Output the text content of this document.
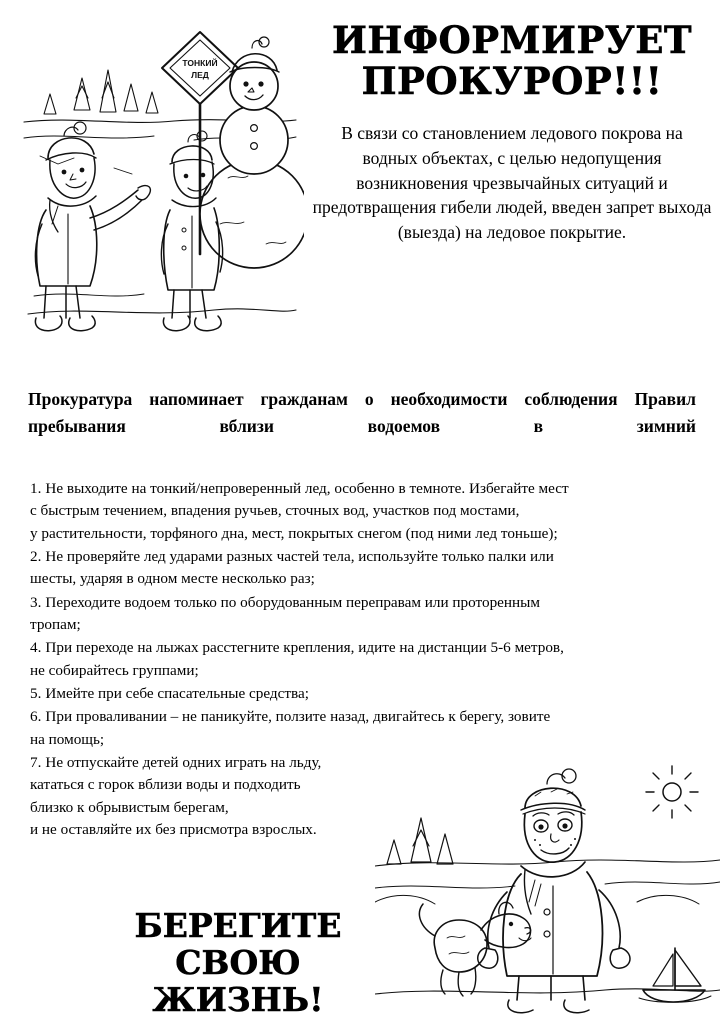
ТОНКИЙ
ЛЕД
ИНФОРМИРУЕТ
ПРОКУРОР!!!

В связи со становлением ледового покрова на водных объектах, с целью недопущения возникновения чрезвычайных ситуаций и предотвращения гибели людей, введен запрет выхода (выезда) на ледовое покрытие.

Прокуратура напоминает гражданам о необходимости соблюдения Правил пребывания вблизи водоемов в зимний

1. Не выходите на тонкий/непроверенный лед, особенно в темноте. Избегайте мест
с быстрым течением, впадения ручьев, сточных вод, участков под мостами,
у растительности, торфяного дна, мест, покрытых снегом (под ними лед тоньше);

2. Не проверяйте лед ударами разных частей тела, используйте только палки или
шесты, ударяя в одном месте несколько раз;

3. Переходите водоем только по оборудованным переправам или проторенным
тропам;

4. При переходе на лыжах расстегните крепления, идите на дистанции 5-6 метров,
не собирайтесь группами;

5. Имейте при себе спасательные средства;

6. При проваливании – не паникуйте, ползите назад, двигайтесь к берегу, зовите
на помощь;

7. Не отпускайте детей одних играть на льду,
кататься с горок вблизи воды и подходить
близко к обрывистым берегам,
и не оставляйте их без присмотра взрослых.

БЕРЕГИТЕ
СВОЮ ЖИЗНЬ!
